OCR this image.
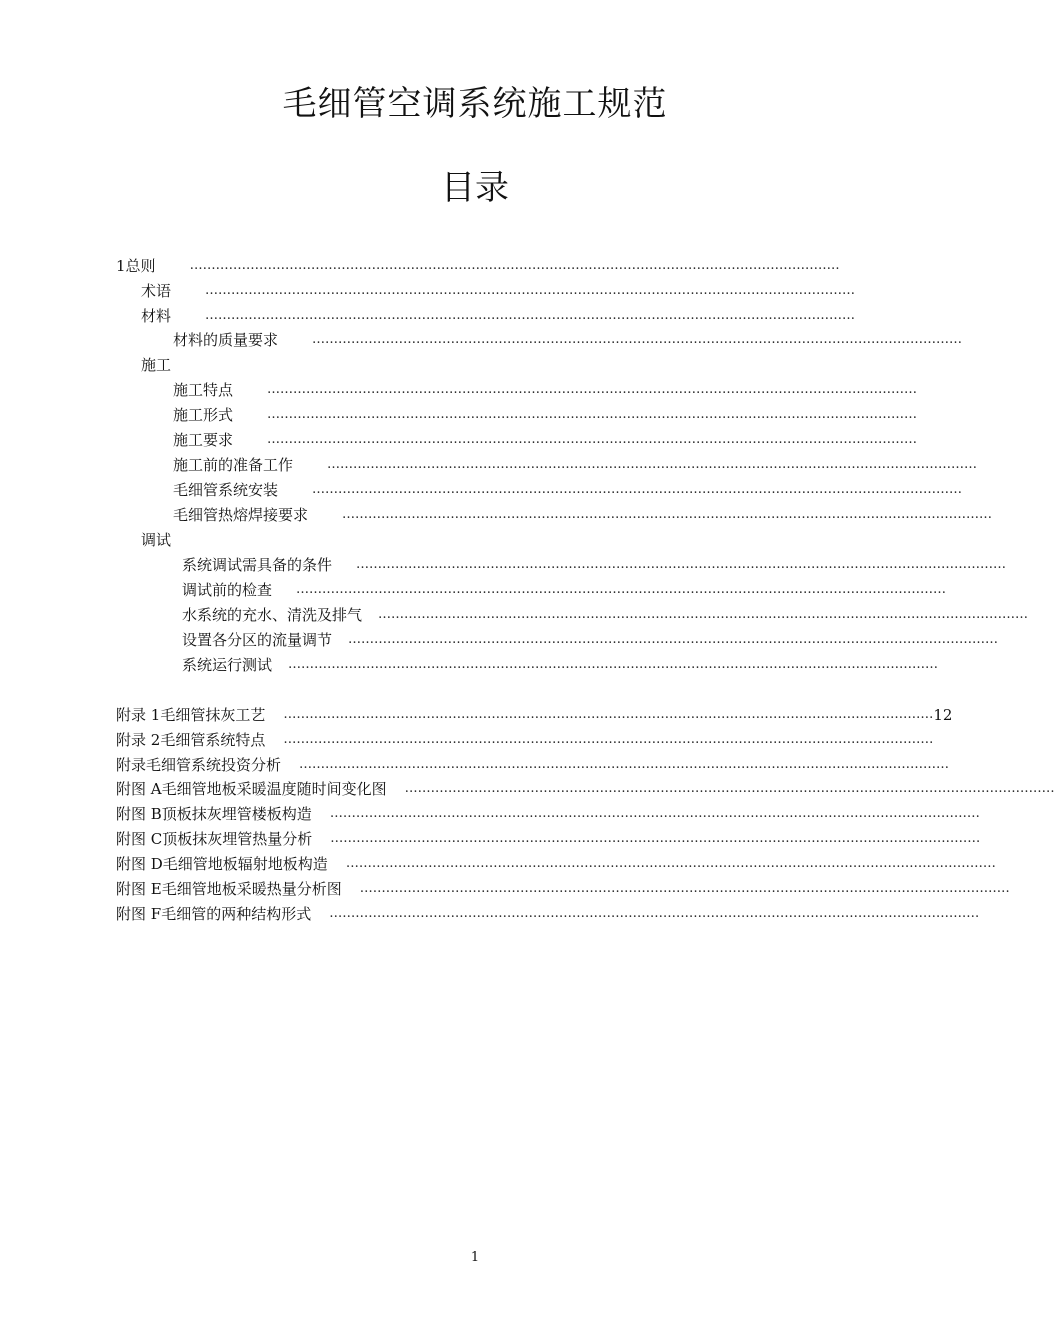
毛细管空调系统施工规范
目录
1 总则	……………………………………………………………………………………………………………………………………
术语	……………………………………………………………………………………………………………………………………
材料	……………………………………………………………………………………………………………………………………
材料的质量要求	……………………………………………………………………………………………………………………………………
施工
施工特点	……………………………………………………………………………………………………………………………………
施工形式	……………………………………………………………………………………………………………………………………
施工要求	……………………………………………………………………………………………………………………………………
施工前的准备工作	……………………………………………………………………………………………………………………………………
毛细管系统安装	……………………………………………………………………………………………………………………………………
毛细管热熔焊接要求	……………………………………………………………………………………………………………………………………
调试
系统调试需具备的条件 ……………………………………………………………………………………………………………………………………
调试前的检查 ……………………………………………………………………………………………………………………………………
水系统的充水、清洗及排气 ……………………………………………………………………………………………………………………………………
设置各分区的流量调节 ……………………………………………………………………………………………………………………………………
系统运行测试 ……………………………………………………………………………………………………………………………………
附录 1 毛细管抹灰工艺 …………………………………………………………………………………………………………………………………… 12
附录 2 毛细管系统特点 ……………………………………………………………………………………………………………………………………
附录 毛细管系统投资分析 ……………………………………………………………………………………………………………………………………
附图 A 毛细管地板采暖温度随时间变化图 ……………………………………………………………………………………………………………………………………
附图 B 顶板抹灰埋管楼板构造 ……………………………………………………………………………………………………………………………………
附图 C 顶板抹灰埋管热量分析 ……………………………………………………………………………………………………………………………………
附图 D 毛细管地板辐射地板构造 ……………………………………………………………………………………………………………………………………
附图 E 毛细管地板采暖热量分析图 ……………………………………………………………………………………………………………………………………
附图 F 毛细管的两种结构形式 ……………………………………………………………………………………………………………………………………
1
